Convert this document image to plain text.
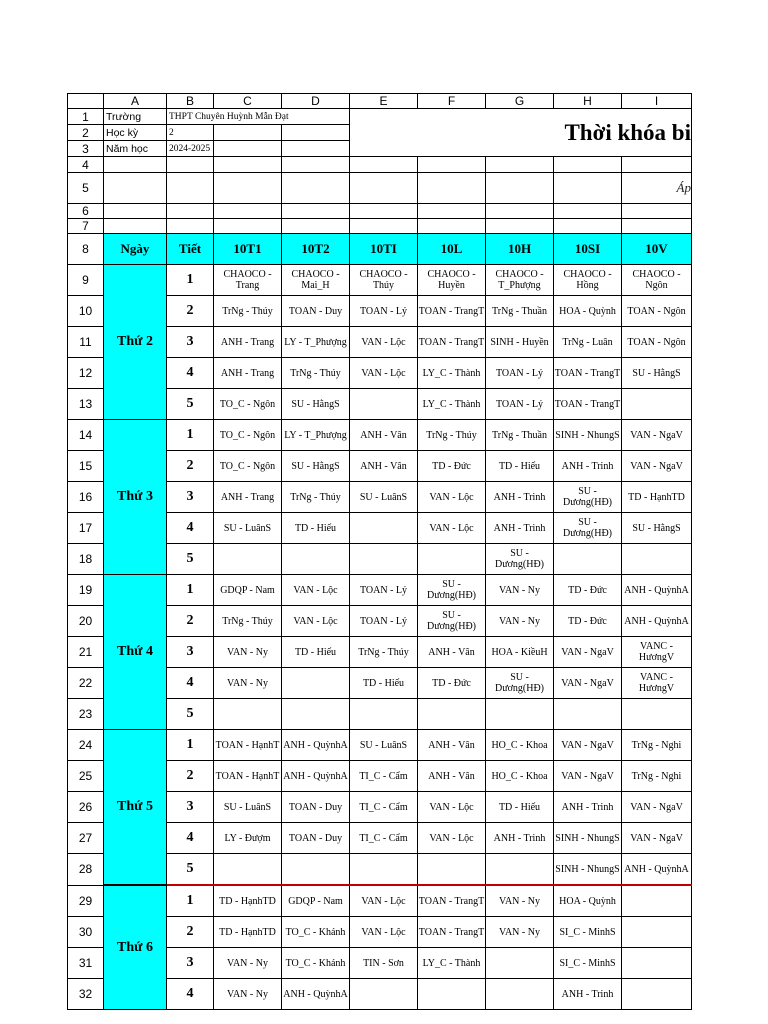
	A	B	C	D	E	F	G	H	I
1	Trường	THPT Chuyên Huỳnh Mẫn Đạt			Thời khóa bi				
2	Học kỳ	2							
3	Năm học	2024-2025							
4									
5									Áp
6									
7									
8	Ngày	Tiết	10T1	10T2	10TI	10L	10H	10SI	10V
9	Thứ 2	1	CHAOCO - Trang	CHAOCO - Mai_H	CHAOCO - Thúy	CHAOCO - Huyền	CHAOCO - T_Phượng	CHAOCO - Hồng	CHAOCO - Ngôn
10		2	TrNg - Thúy	TOAN - Duy	TOAN - Lý	TOAN - TrangT	TrNg - Thuần	HOA - Quỳnh	TOAN - Ngôn
11		3	ANH - Trang	LY - T_Phượng	VAN - Lộc	TOAN - TrangT	SINH - Huyền	TrNg - Luân	TOAN - Ngôn
12		4	ANH - Trang	TrNg - Thúy	VAN - Lộc	LY_C - Thành	TOAN - Lý	TOAN - TrangT	SU - HằngS
13		5	TO_C - Ngôn	SU - HằngS		LY_C - Thành	TOAN - Lý	TOAN - TrangT	
14	Thứ 3	1	TO_C - Ngôn	LY - T_Phượng	ANH - Vân	TrNg - Thúy	TrNg - Thuần	SINH - NhungS	VAN - NgaV
15		2	TO_C - Ngôn	SU - HằngS	ANH - Vân	TD - Đức	TD - Hiếu	ANH - Trinh	VAN - NgaV
16		3	ANH - Trang	TrNg - Thúy	SU - LuânS	VAN - Lộc	ANH - Trinh	SU - Dương(HĐ)	TD - HạnhTD
17		4	SU - LuânS	TD - Hiếu		VAN - Lộc	ANH - Trinh	SU - Dương(HĐ)	SU - HằngS
18		5					SU - Dương(HĐ)		
19	Thứ 4	1	GDQP - Nam	VAN - Lộc	TOAN - Lý	SU - Dương(HĐ)	VAN - Ny	TD - Đức	ANH - QuỳnhA
20		2	TrNg - Thúy	VAN - Lộc	TOAN - Lý	SU - Dương(HĐ)	VAN - Ny	TD - Đức	ANH - QuỳnhA
21		3	VAN - Ny	TD - Hiếu	TrNg - Thúy	ANH - Vân	HOA - KiềuH	VAN - NgaV	VANC - HươngV
22		4	VAN - Ny		TD - Hiếu	TD - Đức	SU - Dương(HĐ)	VAN - NgaV	VANC - HươngV
23		5							
24	Thứ 5	1	TOAN - HạnhT	ANH - QuỳnhA	SU - LuânS	ANH - Vân	HO_C - Khoa	VAN - NgaV	TrNg - Nghi
25		2	TOAN - HạnhT	ANH - QuỳnhA	TI_C - Cẩm	ANH - Vân	HO_C - Khoa	VAN - NgaV	TrNg - Nghi
26		3	SU - LuânS	TOAN - Duy	TI_C - Cẩm	VAN - Lộc	TD - Hiếu	ANH - Trinh	VAN - NgaV
27		4	LY - Đượm	TOAN - Duy	TI_C - Cẩm	VAN - Lộc	ANH - Trinh	SINH - NhungS	VAN - NgaV
28		5						SINH - NhungS	ANH - QuỳnhA
29	Thứ 6	1	TD - HạnhTD	GDQP - Nam	VAN - Lộc	TOAN - TrangT	VAN - Ny	HOA - Quỳnh	
30		2	TD - HạnhTD	TO_C - Khánh	VAN - Lộc	TOAN - TrangT	VAN - Ny	SI_C - MinhS	
31		3	VAN - Ny	TO_C - Khánh	TIN - Sơn	LY_C - Thành		SI_C - MinhS	
32		4	VAN - Ny	ANH - QuỳnhA				ANH - Trinh	
